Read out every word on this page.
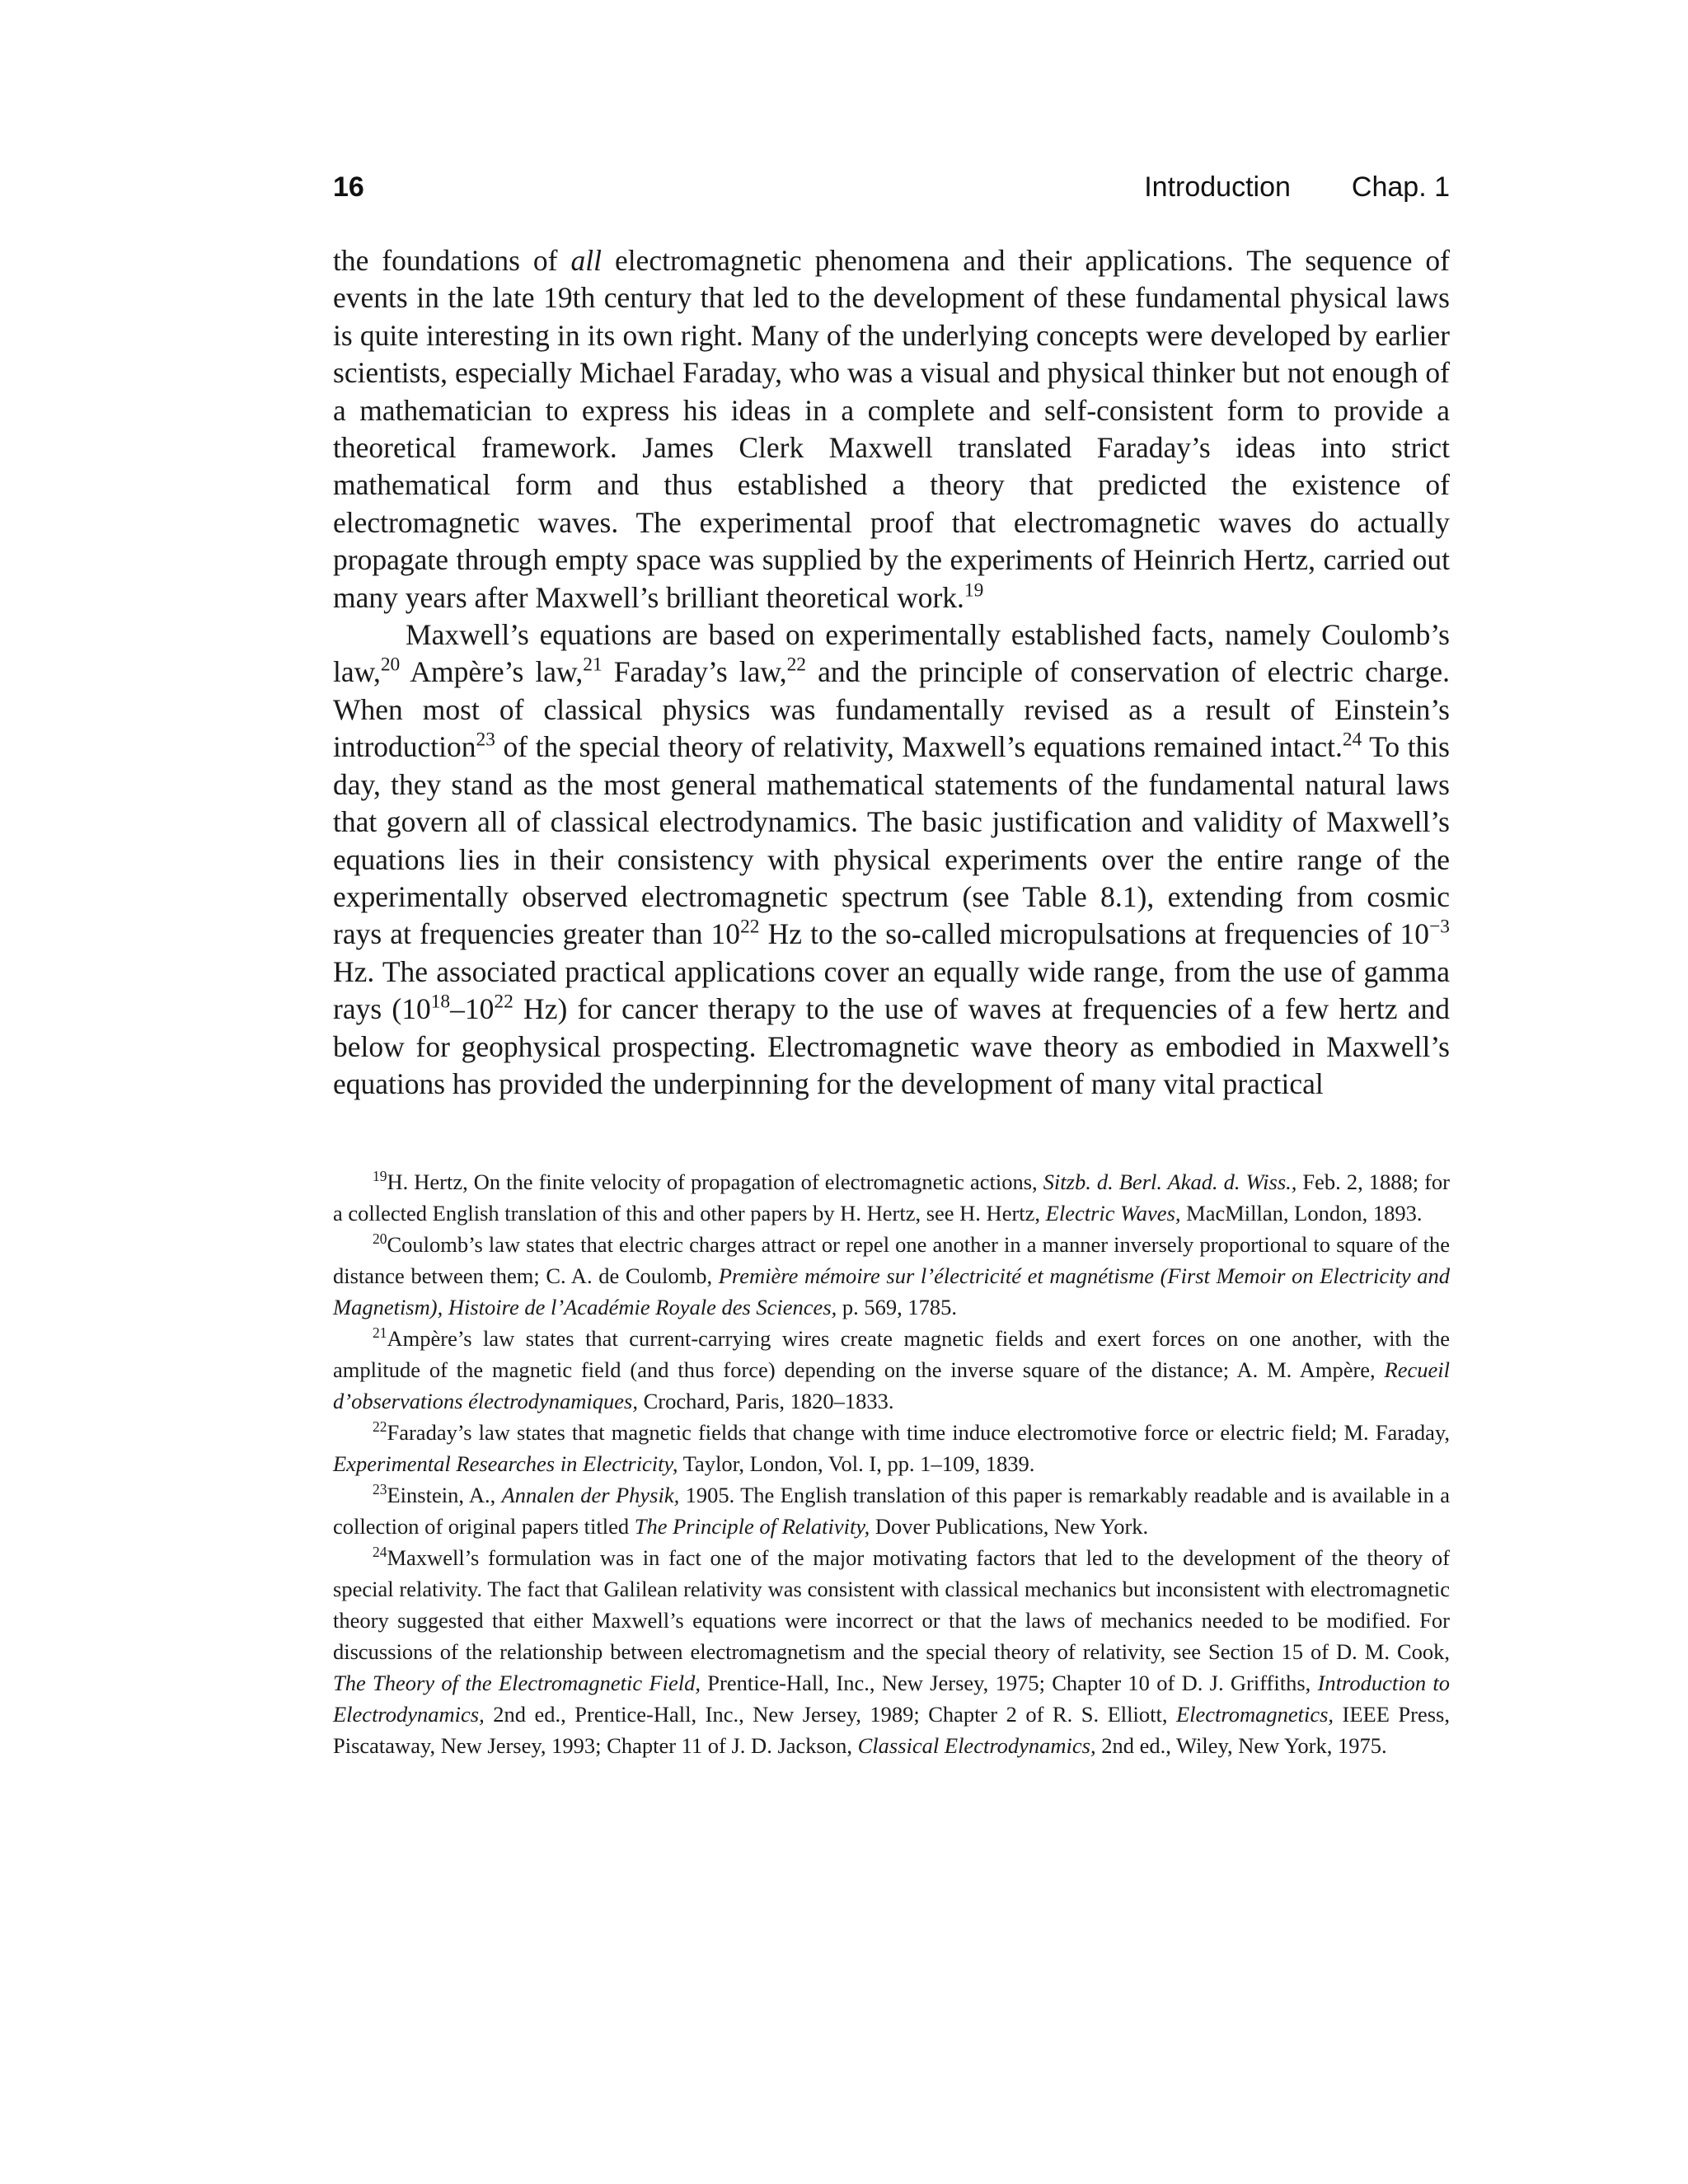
16	Introduction Chap. 1

the foundations of all electromagnetic phenomena and their applications. The sequence of events in the late 19th century that led to the development of these fundamental physical laws is quite interesting in its own right. Many of the underlying concepts were developed by earlier scientists, especially Michael Faraday, who was a visual and physical thinker but not enough of a mathematician to express his ideas in a complete and self-consistent form to provide a theoretical framework. James Clerk Maxwell translated Faraday’s ideas into strict mathematical form and thus established a theory that predicted the existence of electromagnetic waves. The experimental proof that electromagnetic waves do actually propagate through empty space was supplied by the experiments of Heinrich Hertz, carried out many years after Maxwell’s brilliant theoretical work.$^{19}$

Maxwell’s equations are based on experimentally established facts, namely Coulomb’s law,$^{20}$ Ampère’s law,$^{21}$ Faraday’s law,$^{22}$ and the principle of conservation of electric charge. When most of classical physics was fundamentally revised as a result of Einstein’s introduction$^{23}$ of the special theory of relativity, Maxwell’s equations remained intact.$^{24}$ To this day, they stand as the most general mathematical statements of the fundamental natural laws that govern all of classical electrodynamics. The basic justification and validity of Maxwell’s equations lies in their consistency with physical experiments over the entire range of the experimentally observed electromagnetic spectrum (see Table 8.1), extending from cosmic rays at frequencies greater than $10^{22}$ Hz to the so-called micropulsations at frequencies of $10^{-3}$ Hz. The associated practical applications cover an equally wide range, from the use of gamma rays ($10^{18}-10^{22}$ Hz) for cancer therapy to the use of waves at frequencies of a few hertz and below for geophysical prospecting. Electromagnetic wave theory as embodied in Maxwell’s equations has provided the underpinning for the development of many vital practical

$^{19}$H. Hertz, On the finite velocity of propagation of electromagnetic actions, Sitzb. d. Berl. Akad. d. Wiss., Feb. 2, 1888; for a collected English translation of this and other papers by H. Hertz, see H. Hertz, Electric Waves, MacMillan, London, 1893.

$^{20}$Coulomb’s law states that electric charges attract or repel one another in a manner inversely proportional to square of the distance between them; C. A. de Coulomb, Première mémoire sur l’électricité et magnétisme (First Memoir on Electricity and Magnetism), Histoire de l’Académie Royale des Sciences, p. 569, 1785.

$^{21}$Ampère’s law states that current-carrying wires create magnetic fields and exert forces on one another, with the amplitude of the magnetic field (and thus force) depending on the inverse square of the distance; A. M. Ampère, Recueil d’observations électrodynamiques, Crochard, Paris, 1820–1833.

$^{22}$Faraday’s law states that magnetic fields that change with time induce electromotive force or electric field; M. Faraday, Experimental Researches in Electricity, Taylor, London, Vol. I, pp. 1–109, 1839.

$^{23}$Einstein, A., Annalen der Physik, 1905. The English translation of this paper is remarkably readable and is available in a collection of original papers titled The Principle of Relativity, Dover Publications, New York.

$^{24}$Maxwell’s formulation was in fact one of the major motivating factors that led to the development of the theory of special relativity. The fact that Galilean relativity was consistent with classical mechanics but inconsistent with electromagnetic theory suggested that either Maxwell’s equations were incorrect or that the laws of mechanics needed to be modified. For discussions of the relationship between electromagnetism and the special theory of relativity, see Section 15 of D. M. Cook, The Theory of the Electromagnetic Field, Prentice-Hall, Inc., New Jersey, 1975; Chapter 10 of D. J. Griffiths, Introduction to Electrodynamics, 2nd ed., Prentice-Hall, Inc., New Jersey, 1989; Chapter 2 of R. S. Elliott, Electromagnetics, IEEE Press, Piscataway, New Jersey, 1993; Chapter 11 of J. D. Jackson, Classical Electrodynamics, 2nd ed., Wiley, New York, 1975.
